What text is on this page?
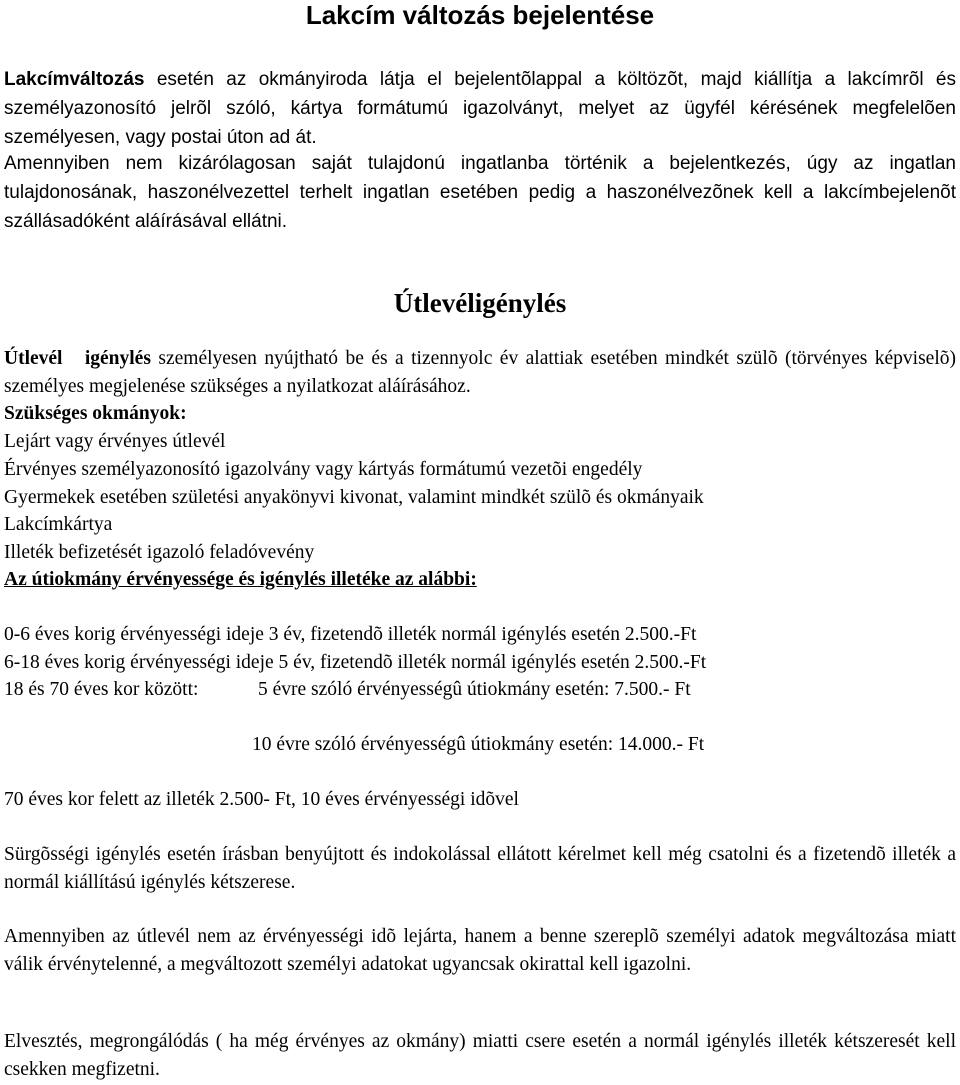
Lakcím változás bejelentése
Lakcímváltozás esetén az okmányiroda látja el bejelentõlappal a költözõt, majd kiállítja a lakcímrõl és személyazonosító jelrõl szóló, kártya formátumú igazolványt, melyet az ügyfél kérésének megfelelõen személyesen, vagy postai úton ad át.
Amennyiben nem kizárólagosan saját tulajdonú ingatlanba történik a bejelentkezés, úgy az ingatlan tulajdonosának, haszonélvezettel terhelt ingatlan esetében pedig a haszonélvezõnek kell a lakcímbejelenõt szállásadóként aláírásával ellátni.
Útlevéligénylés
Útlevél igénylés személyesen nyújtható be és a tizennyolc év alattiak esetében mindkét szülõ (törvényes képviselõ) személyes megjelenése szükséges a nyilatkozat aláírásához.
Szükséges okmányok:
Lejárt vagy érvényes útlevél
Érvényes személyazonosító igazolvány vagy kártyás formátumú vezetõi engedély
Gyermekek esetében születési anyakönyvi kivonat, valamint mindkét szülõ és okmányaik
Lakcímkártya
Illeték befizetését igazoló feladóvevény
Az útiokmány érvényessége és igénylés illetéke az alábbi:
0-6 éves korig érvényességi ideje 3 év, fizetendõ illeték normál igénylés esetén 2.500.-Ft
6-18 éves korig érvényességi ideje 5 év, fizetendõ illeték normál igénylés esetén 2.500.-Ft
18 és 70 éves kor között:	5 évre szóló érvényességû útiokmány esetén: 7.500.- Ft
10 évre szóló érvényességû útiokmány esetén: 14.000.- Ft
70 éves kor felett az illeték 2.500- Ft, 10 éves érvényességi idõvel
Sürgõsségi igénylés esetén írásban benyújtott és indokolással ellátott kérelmet kell még csatolni és a fizetendõ illeték a normál kiállítású igénylés kétszerese.
Amennyiben az útlevél nem az érvényességi idõ lejárta, hanem a benne szereplõ személyi adatok megváltozása miatt válik érvénytelenné, a megváltozott személyi adatokat ugyancsak okirattal kell igazolni.
Elvesztés, megrongálódás ( ha még érvényes az okmány) miatti csere esetén a normál igénylés illeték kétszeresét kell csekken megfizetni.
